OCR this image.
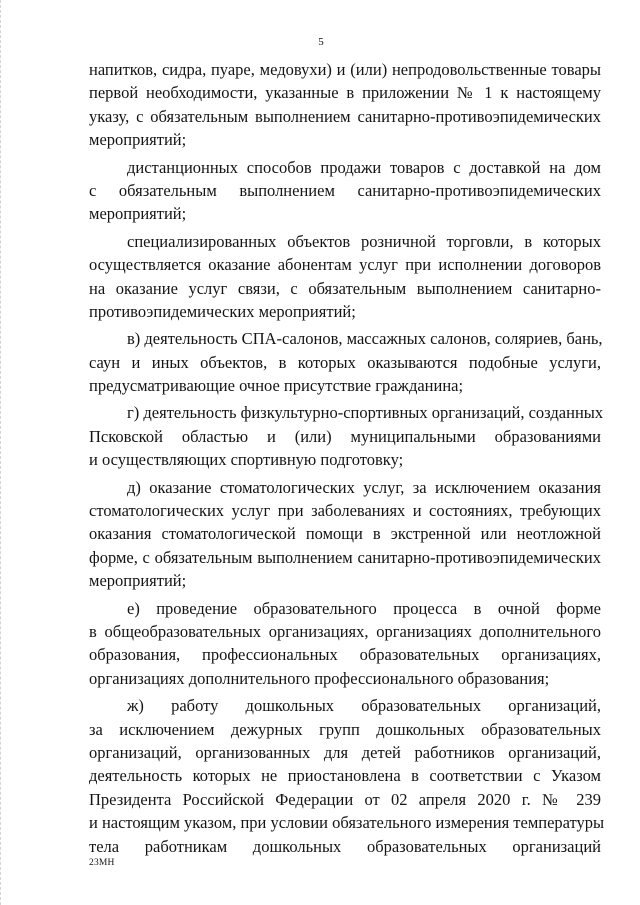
5
напитков, сидра, пуаре, медовухи) и (или) непродовольственные товары
первой необходимости, указанные в приложении № 1 к настоящему
указу, с обязательным выполнением санитарно-противоэпидемических
мероприятий;
дистанционных способов продажи товаров с доставкой на дом
с обязательным выполнением санитарно-противоэпидемических
мероприятий;
специализированных объектов розничной торговли, в которых
осуществляется оказание абонентам услуг при исполнении договоров
на оказание услуг связи, с обязательным выполнением санитарно-
противоэпидемических мероприятий;
в) деятельность СПА-салонов, массажных салонов, соляриев, бань,
саун и иных объектов, в которых оказываются подобные услуги,
предусматривающие очное присутствие гражданина;
г) деятельность физкультурно-спортивных организаций, созданных
Псковской областью и (или) муниципальными образованиями
и осуществляющих спортивную подготовку;
д) оказание стоматологических услуг, за исключением оказания
стоматологических услуг при заболеваниях и состояниях, требующих
оказания стоматологической помощи в экстренной или неотложной
форме, с обязательным выполнением санитарно-противоэпидемических
мероприятий;
е) проведение образовательного процесса в очной форме
в общеобразовательных организациях, организациях дополнительного
образования, профессиональных образовательных организациях,
организациях дополнительного профессионального образования;
ж) работу дошкольных образовательных организаций,
за исключением дежурных групп дошкольных образовательных
организаций, организованных для детей работников организаций,
деятельность которых не приостановлена в соответствии с Указом
Президента Российской Федерации от 02 апреля 2020 г. № 239
и настоящим указом, при условии обязательного измерения температуры
тела работникам дошкольных образовательных организаций
23МН
